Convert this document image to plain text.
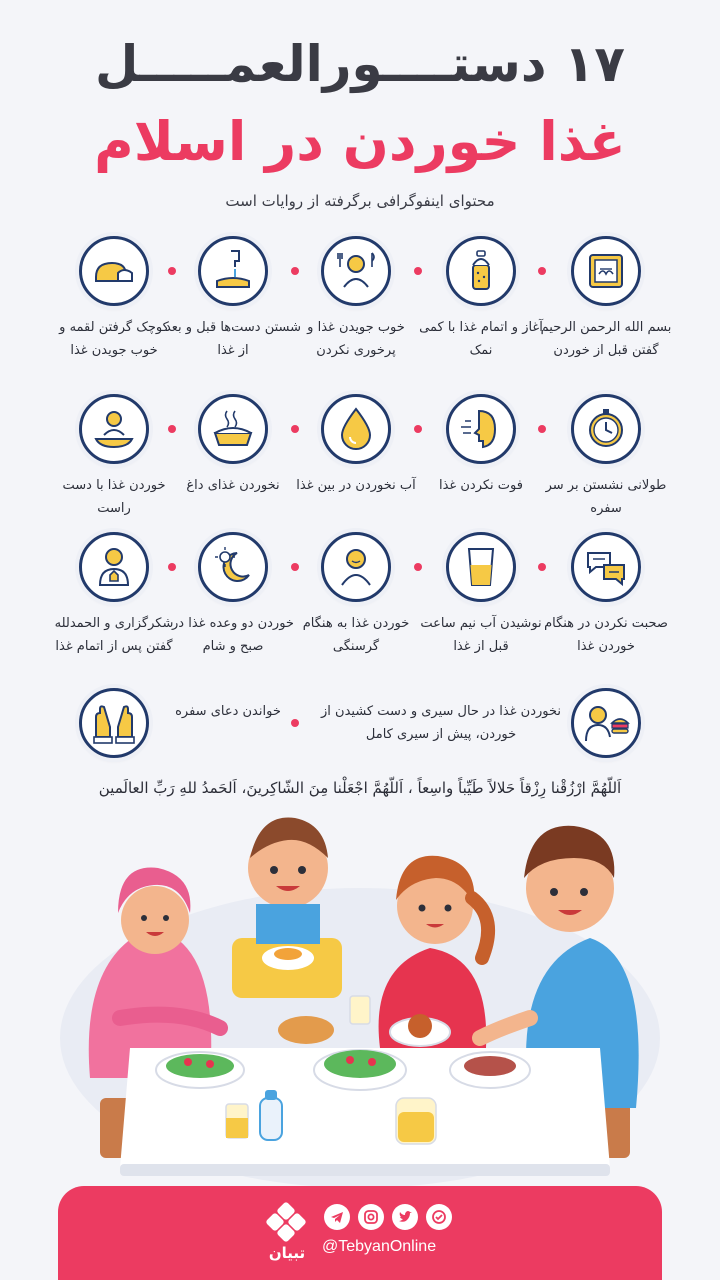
۱۷ دستــــورالعمـــــل
غذا خوردن در اسلام
محتوای اینفوگرافی برگرفته از روایات است
بسم الله الرحمن الرحیم گفتن قبل از خوردن
آغاز و اتمام غذا با کمی نمک
خوب جویدن غذا و پرخوری نکردن
شستن دست‌ها قبل و بعد از غذا
کوچک گرفتن لقمه و خوب جویدن غذا
طولانی نشستن بر سر سفره
فوت نکردن غذا
آب نخوردن در بین غذا
نخوردن غذای داغ
خوردن غذا با دست راست
صحبت نکردن در هنگام خوردن غذا
نوشیدن آب نیم ساعت قبل از غذا
خوردن غذا به هنگام گرسنگی
خوردن دو وعده غذا در صبح و شام
شکرگزاری و الحمدلله گفتن پس از اتمام غذا
نخوردن غذا در حال سیری و دست کشیدن از خوردن، پیش از سیری کامل
خواندن دعای سفره
اَللّهُمَّ ارْزُقْنا رِزْقاً حَلالاً طَیِّباً واسِعاً ، اَللّهُمَّ اجْعَلْنا مِنَ الشّاکِرینَ، اَلحَمدُ للهِ رَبِّ العالَمین
تبیان	@TebyanOnline
